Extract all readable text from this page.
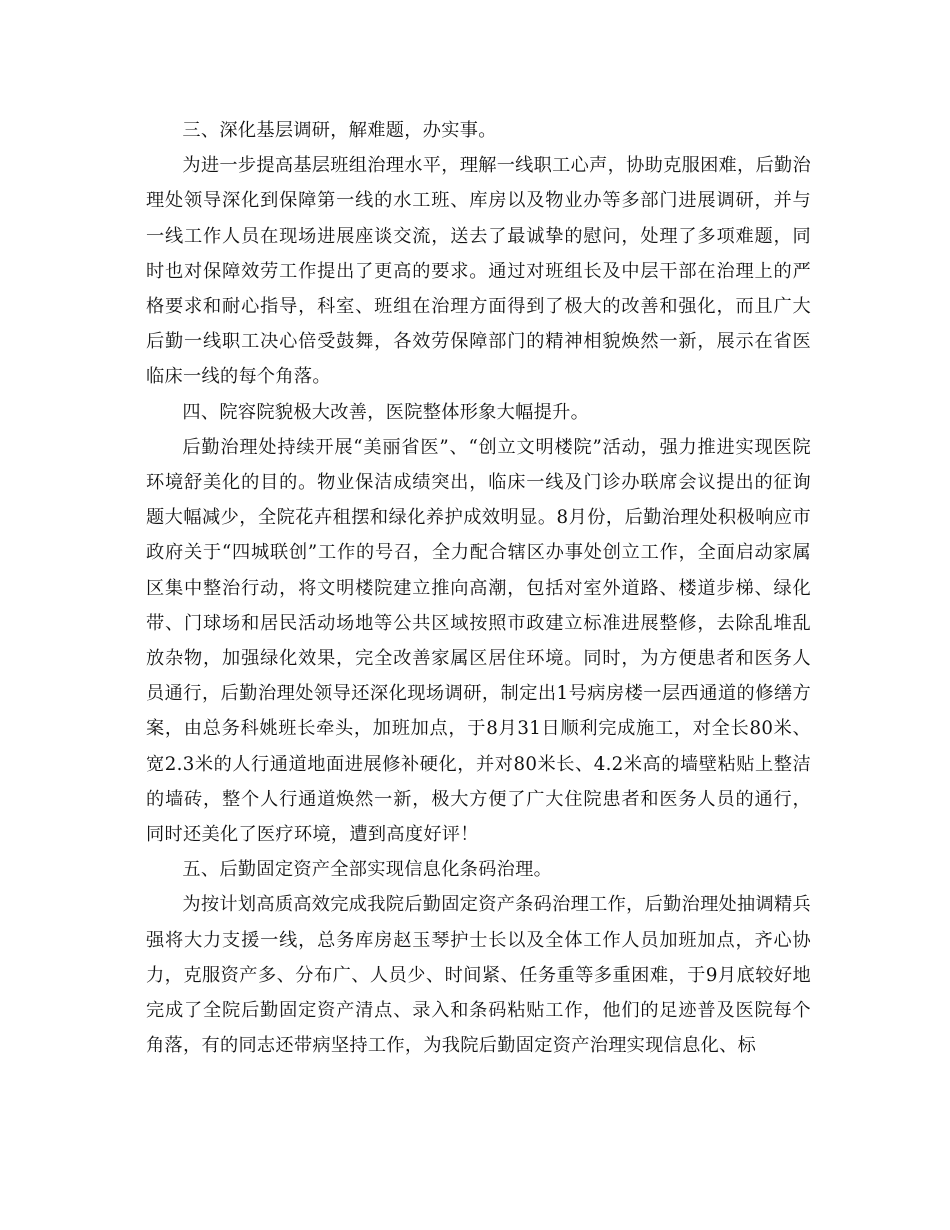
三、深化基层调研，解难题，办实事。

为进一步提高基层班组治理水平，理解一线职工心声，协助克服困难，后勤治理处领导深化到保障第一线的水工班、库房以及物业办等多部门进展调研，并与一线工作人员在现场进展座谈交流，送去了最诚挚的慰问，处理了多项难题，同时也对保障效劳工作提出了更高的要求。通过对班组长及中层干部在治理上的严格要求和耐心指导，科室、班组在治理方面得到了极大的改善和强化，而且广大后勤一线职工决心倍受鼓舞，各效劳保障部门的精神相貌焕然一新，展示在省医临床一线的每个角落。

四、院容院貌极大改善，医院整体形象大幅提升。

后勤治理处持续开展“美丽省医”、“创立文明楼院”活动，强力推进实现医院环境舒美化的目的。物业保洁成绩突出，临床一线及门诊办联席会议提出的征询题大幅减少，全院花卉租摆和绿化养护成效明显。8月份，后勤治理处积极响应市政府关于“四城联创”工作的号召，全力配合辖区办事处创立工作，全面启动家属区集中整治行动，将文明楼院建立推向高潮，包括对室外道路、楼道步梯、绿化带、门球场和居民活动场地等公共区域按照市政建立标准进展整修，去除乱堆乱放杂物，加强绿化效果，完全改善家属区居住环境。同时，为方便患者和医务人员通行，后勤治理处领导还深化现场调研，制定出1号病房楼一层西通道的修缮方案，由总务科姚班长牵头，加班加点，于8月31日顺利完成施工，对全长80米、宽2.3米的人行通道地面进展修补硬化，并对80米长、4.2米高的墙壁粘贴上整洁的墙砖，整个人行通道焕然一新，极大方便了广大住院患者和医务人员的通行，同时还美化了医疗环境，遭到高度好评！

五、后勤固定资产全部实现信息化条码治理。

为按计划高质高效完成我院后勤固定资产条码治理工作，后勤治理处抽调精兵强将大力支援一线，总务库房赵玉琴护士长以及全体工作人员加班加点，齐心协力，克服资产多、分布广、人员少、时间紧、任务重等多重困难，于9月底较好地完成了全院后勤固定资产清点、录入和条码粘贴工作，他们的足迹普及医院每个角落，有的同志还带病坚持工作，为我院后勤固定资产治理实现信息化、标
